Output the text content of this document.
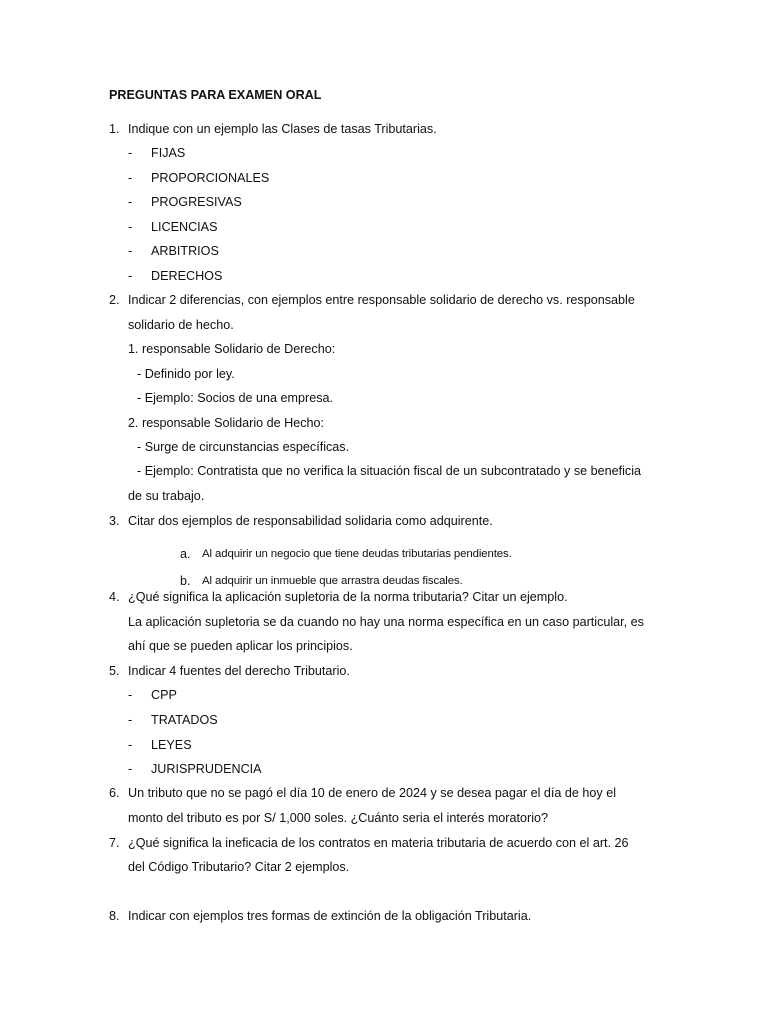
PREGUNTAS PARA EXAMEN ORAL
1. Indique con un ejemplo las Clases de tasas Tributarias.
- FIJAS
- PROPORCIONALES
- PROGRESIVAS
- LICENCIAS
- ARBITRIOS
- DERECHOS
2. Indicar 2 diferencias, con ejemplos entre responsable solidario de derecho vs. responsable
solidario de hecho.
1. responsable Solidario de Derecho:
- Definido por ley.
- Ejemplo: Socios de una empresa.
2. responsable Solidario de Hecho:
- Surge de circunstancias específicas.
- Ejemplo: Contratista que no verifica la situación fiscal de un subcontratado y se beneficia
de su trabajo.
3. Citar dos ejemplos de responsabilidad solidaria como adquirente.
a. Al adquirir un negocio que tiene deudas tributarias pendientes.
b. Al adquirir un inmueble que arrastra deudas fiscales.
4. ¿Qué significa la aplicación supletoria de la norma tributaria? Citar un ejemplo.
La aplicación supletoria se da cuando no hay una norma específica en un caso particular, es
ahí que se pueden aplicar los principios.
5. Indicar 4 fuentes del derecho Tributario.
- CPP
- TRATADOS
- LEYES
- JURISPRUDENCIA
6. Un tributo que no se pagó el día 10 de enero de 2024 y se desea pagar el día de hoy el
monto del tributo es por S/ 1,000 soles. ¿Cuánto seria el interés moratorio?
7. ¿Qué significa la ineficacia de los contratos en materia tributaria de acuerdo con el art. 26
del Código Tributario? Citar 2 ejemplos.
8. Indicar con ejemplos tres formas de extinción de la obligación Tributaria.
